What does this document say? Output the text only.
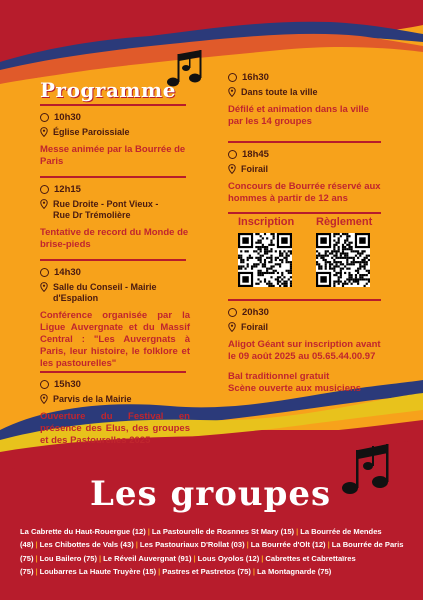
Programme
10h30
Église Paroissiale
Messe animée par la Bourrée de Paris
12h15
Rue Droite - Pont Vieux - Rue Dr Trémolière
Tentative de record du Monde de brise-pieds
14h30
Salle du Conseil - Mairie d'Espalion
Conférence organisée par la Ligue Auvergnate et du Massif Central : "Les Auvergnats à Paris, leur histoire, le folklore et les pastourelles"
15h30
Parvis de la Mairie
Ouverture du Festival en présence des Elus, des groupes et des Pastourelles 2025
16h30
Dans toute la ville
Défilé et animation dans la ville par les 14 groupes
18h45
Foirail
Concours de Bourrée réservé aux hommes à partir de 12 ans
Inscription Règlement
20h30
Foirail
Aligot Géant sur inscription avant le 09 août 2025 au 05.65.44.00.97
Bal traditionnel gratuit
Scène ouverte aux musiciens
Les groupes
La Cabrette du Haut-Rouergue (12) | La Pastourelle de Rosnnes St Mary (15) | La Bourrée de Mendes (48) | Les Chibottes de Vals (43) | Les Pastouriaux D'Rollat (03) | La Bourrée d'Olt (12) | La Bourrée de Paris (75) | Lou Bailero (75) | Le Réveil Auvergnat (91) | Lous Oyolos (12) | Cabrettes et Cabrettaïres (75) | Loubarres La Haute Truyère (15) | Pastres et Pastretos (75) | La Montagnarde (75)
